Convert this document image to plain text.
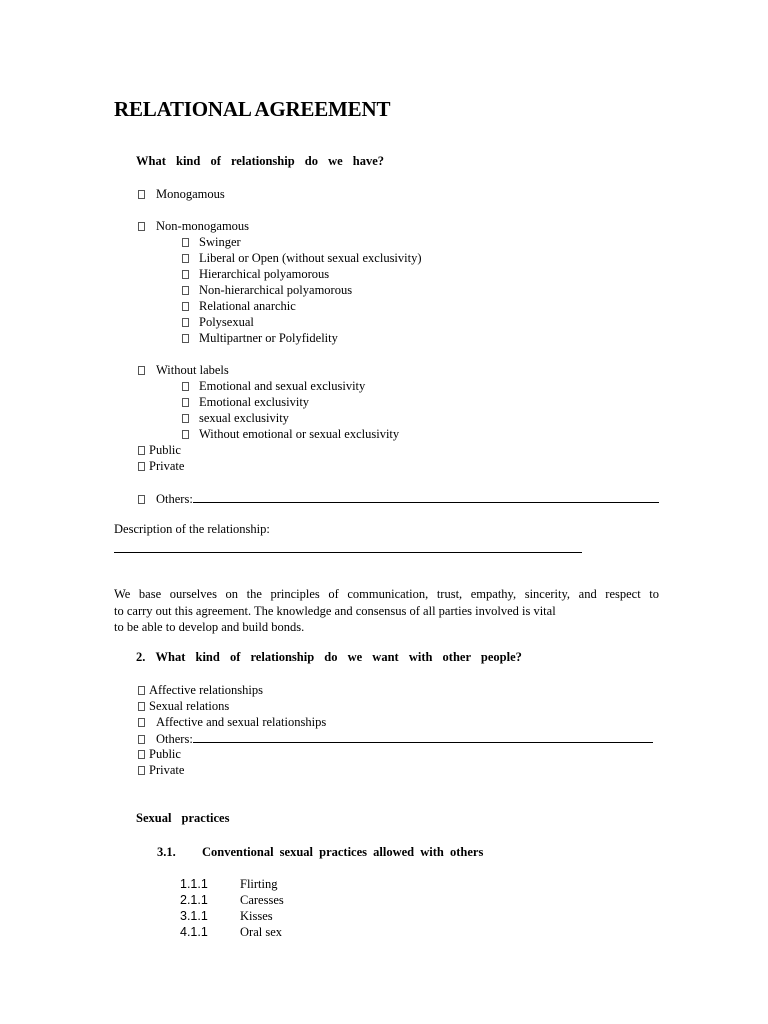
RELATIONAL AGREEMENT
What kind of relationship do we have?
Monogamous
Non-monogamous
Swinger
Liberal or Open (without sexual exclusivity)
Hierarchical polyamorous
Non-hierarchical polyamorous
Relational anarchic
Polysexual
Multipartner or Polyfidelity
Without labels
Emotional and sexual exclusivity
Emotional exclusivity
sexual exclusivity
Without emotional or sexual exclusivity
Public
Private
Others:
Description of the relationship:
We base ourselves on the principles of communication, trust, empathy, sincerity, and respect to
to carry out this agreement. The knowledge and consensus of all parties involved is vital
to be able to develop and build bonds.
2. What kind of relationship do we want with other people?
Affective relationships
Sexual relations
Affective and sexual relationships
Others:
Public
Private
Sexual practices
3.1. Conventional sexual practices allowed with others
1.1.1	Flirting
2.1.1	Caresses
3.1.1	Kisses
4.1.1	Oral sex
